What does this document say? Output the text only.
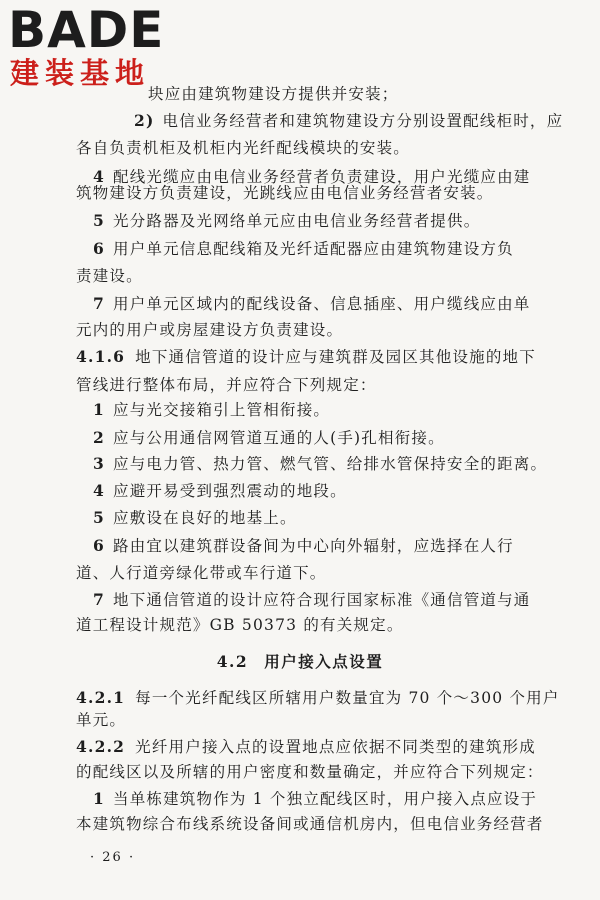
BADE
建装基地
块应由建筑物建设方提供并安装；
2) 电信业务经营者和建筑物建设方分别设置配线柜时，应
各自负责机柜及机柜内光纤配线模块的安装。
4 配线光缆应由电信业务经营者负责建设，用户光缆应由建
筑物建设方负责建设，光跳线应由电信业务经营者安装。
5 光分路器及光网络单元应由电信业务经营者提供。
6 用户单元信息配线箱及光纤适配器应由建筑物建设方负
责建设。
7 用户单元区域内的配线设备、信息插座、用户缆线应由单
元内的用户或房屋建设方负责建设。
4.1.6 地下通信管道的设计应与建筑群及园区其他设施的地下
管线进行整体布局，并应符合下列规定：
1 应与光交接箱引上管相衔接。
2 应与公用通信网管道互通的人(手)孔相衔接。
3 应与电力管、热力管、燃气管、给排水管保持安全的距离。
4 应避开易受到强烈震动的地段。
5 应敷设在良好的地基上。
6 路由宜以建筑群设备间为中心向外辐射，应选择在人行
道、人行道旁绿化带或车行道下。
7 地下通信管道的设计应符合现行国家标准《通信管道与通
道工程设计规范》GB 50373 的有关规定。
4.2 用户接入点设置
4.2.1 每一个光纤配线区所辖用户数量宜为 70 个～300 个用户
单元。
4.2.2 光纤用户接入点的设置地点应依据不同类型的建筑形成
的配线区以及所辖的用户密度和数量确定，并应符合下列规定：
1 当单栋建筑物作为 1 个独立配线区时，用户接入点应设于
本建筑物综合布线系统设备间或通信机房内，但电信业务经营者
· 26 ·
